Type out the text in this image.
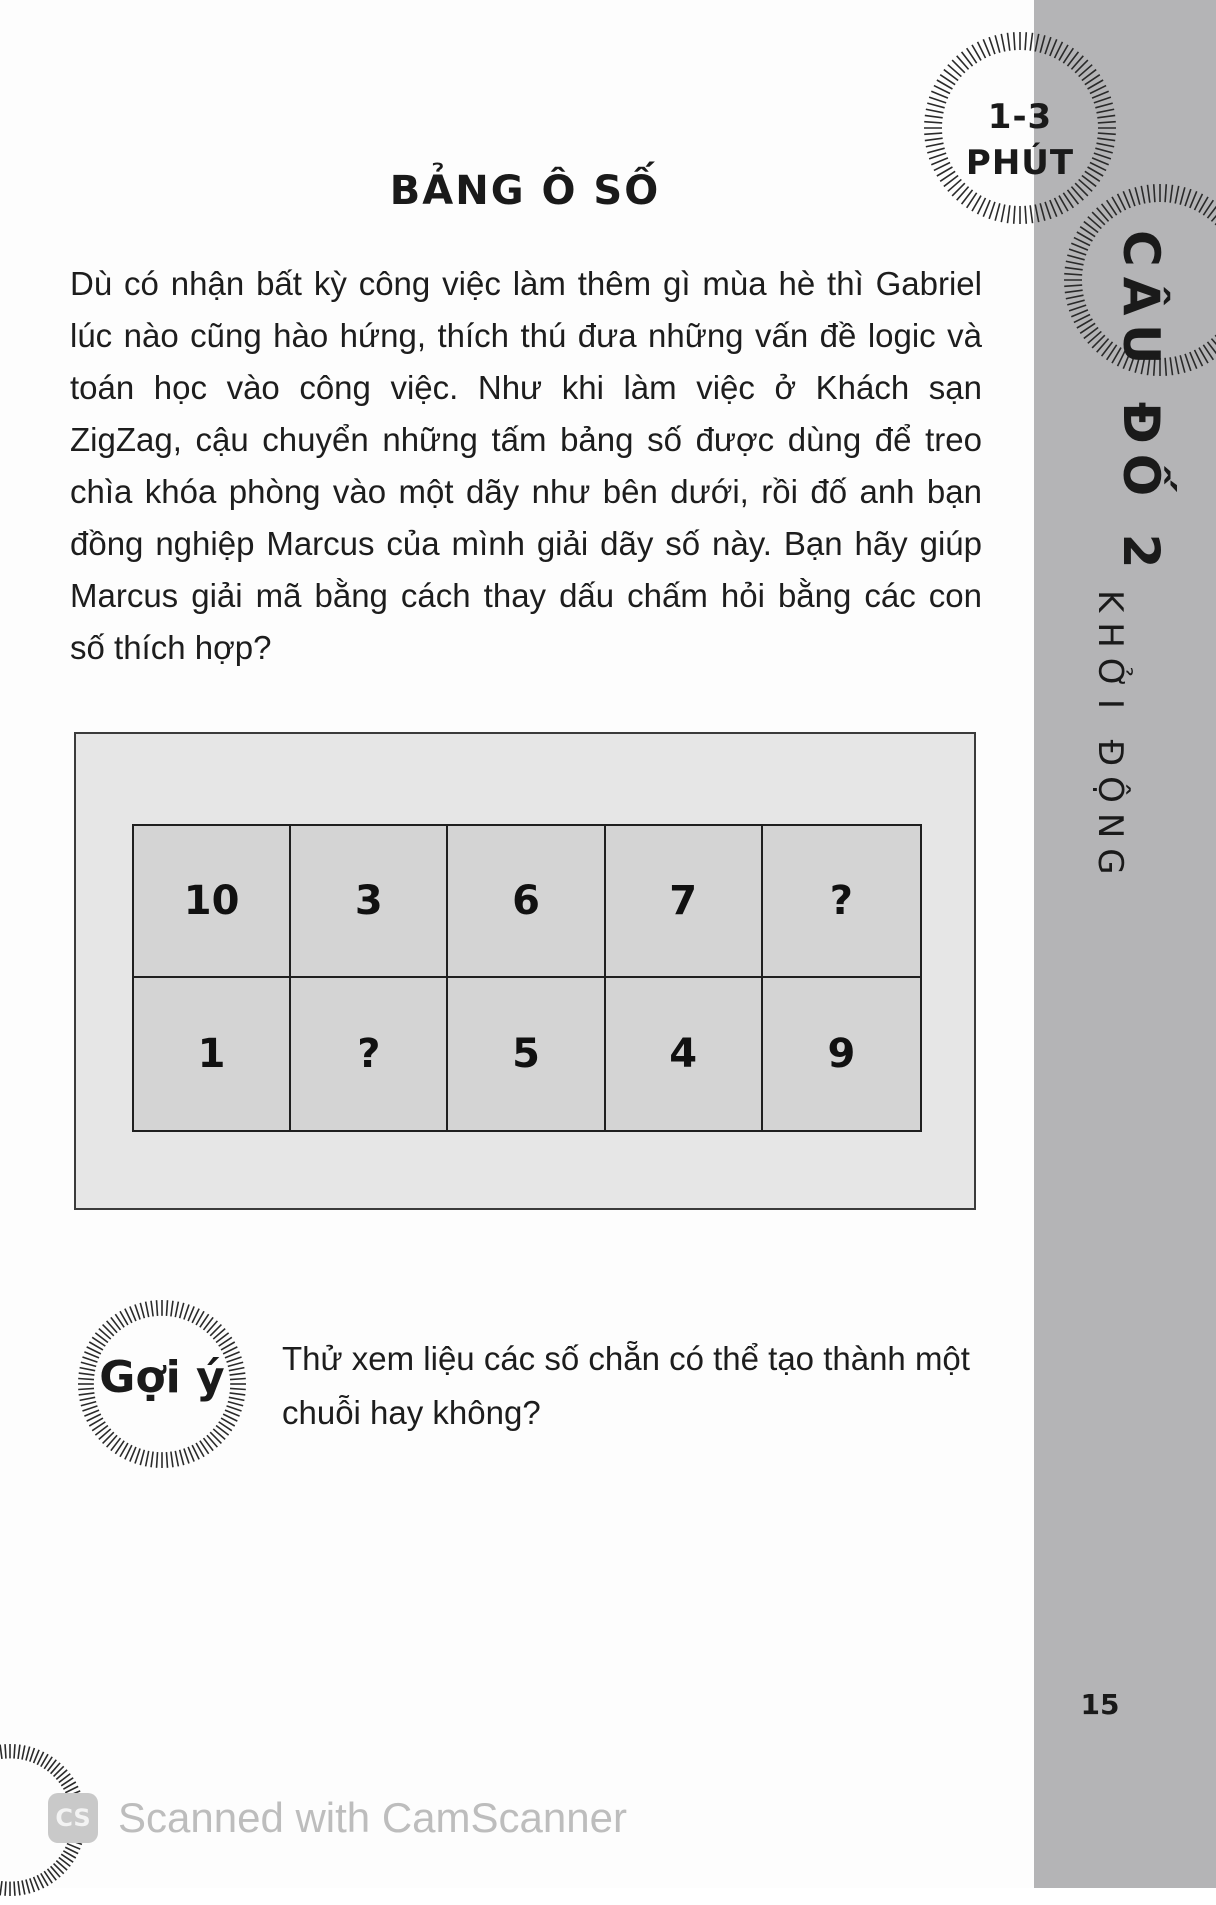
1-3
PHÚT
CÂU ĐỐ 2
KHỞI ĐỘNG
15
BẢNG Ô SỐ
Dù có nhận bất kỳ công việc làm thêm gì mùa hè thì Gabriel lúc nào cũng hào hứng, thích thú đưa những vấn đề logic và toán học vào công việc. Như khi làm việc ở Khách sạn ZigZag, cậu chuyển những tấm bảng số được dùng để treo chìa khóa phòng vào một dãy như bên dưới, rồi đố anh bạn đồng nghiệp Marcus của mình giải dãy số này. Bạn hãy giúp Marcus giải mã bằng cách thay dấu chấm hỏi bằng các con số thích hợp?
10	3	6	7	?
1	?	5	4	9
Gợi ý	Thử xem liệu các số chẵn có thể tạo thành một chuỗi hay không?
CS Scanned with CamScanner
